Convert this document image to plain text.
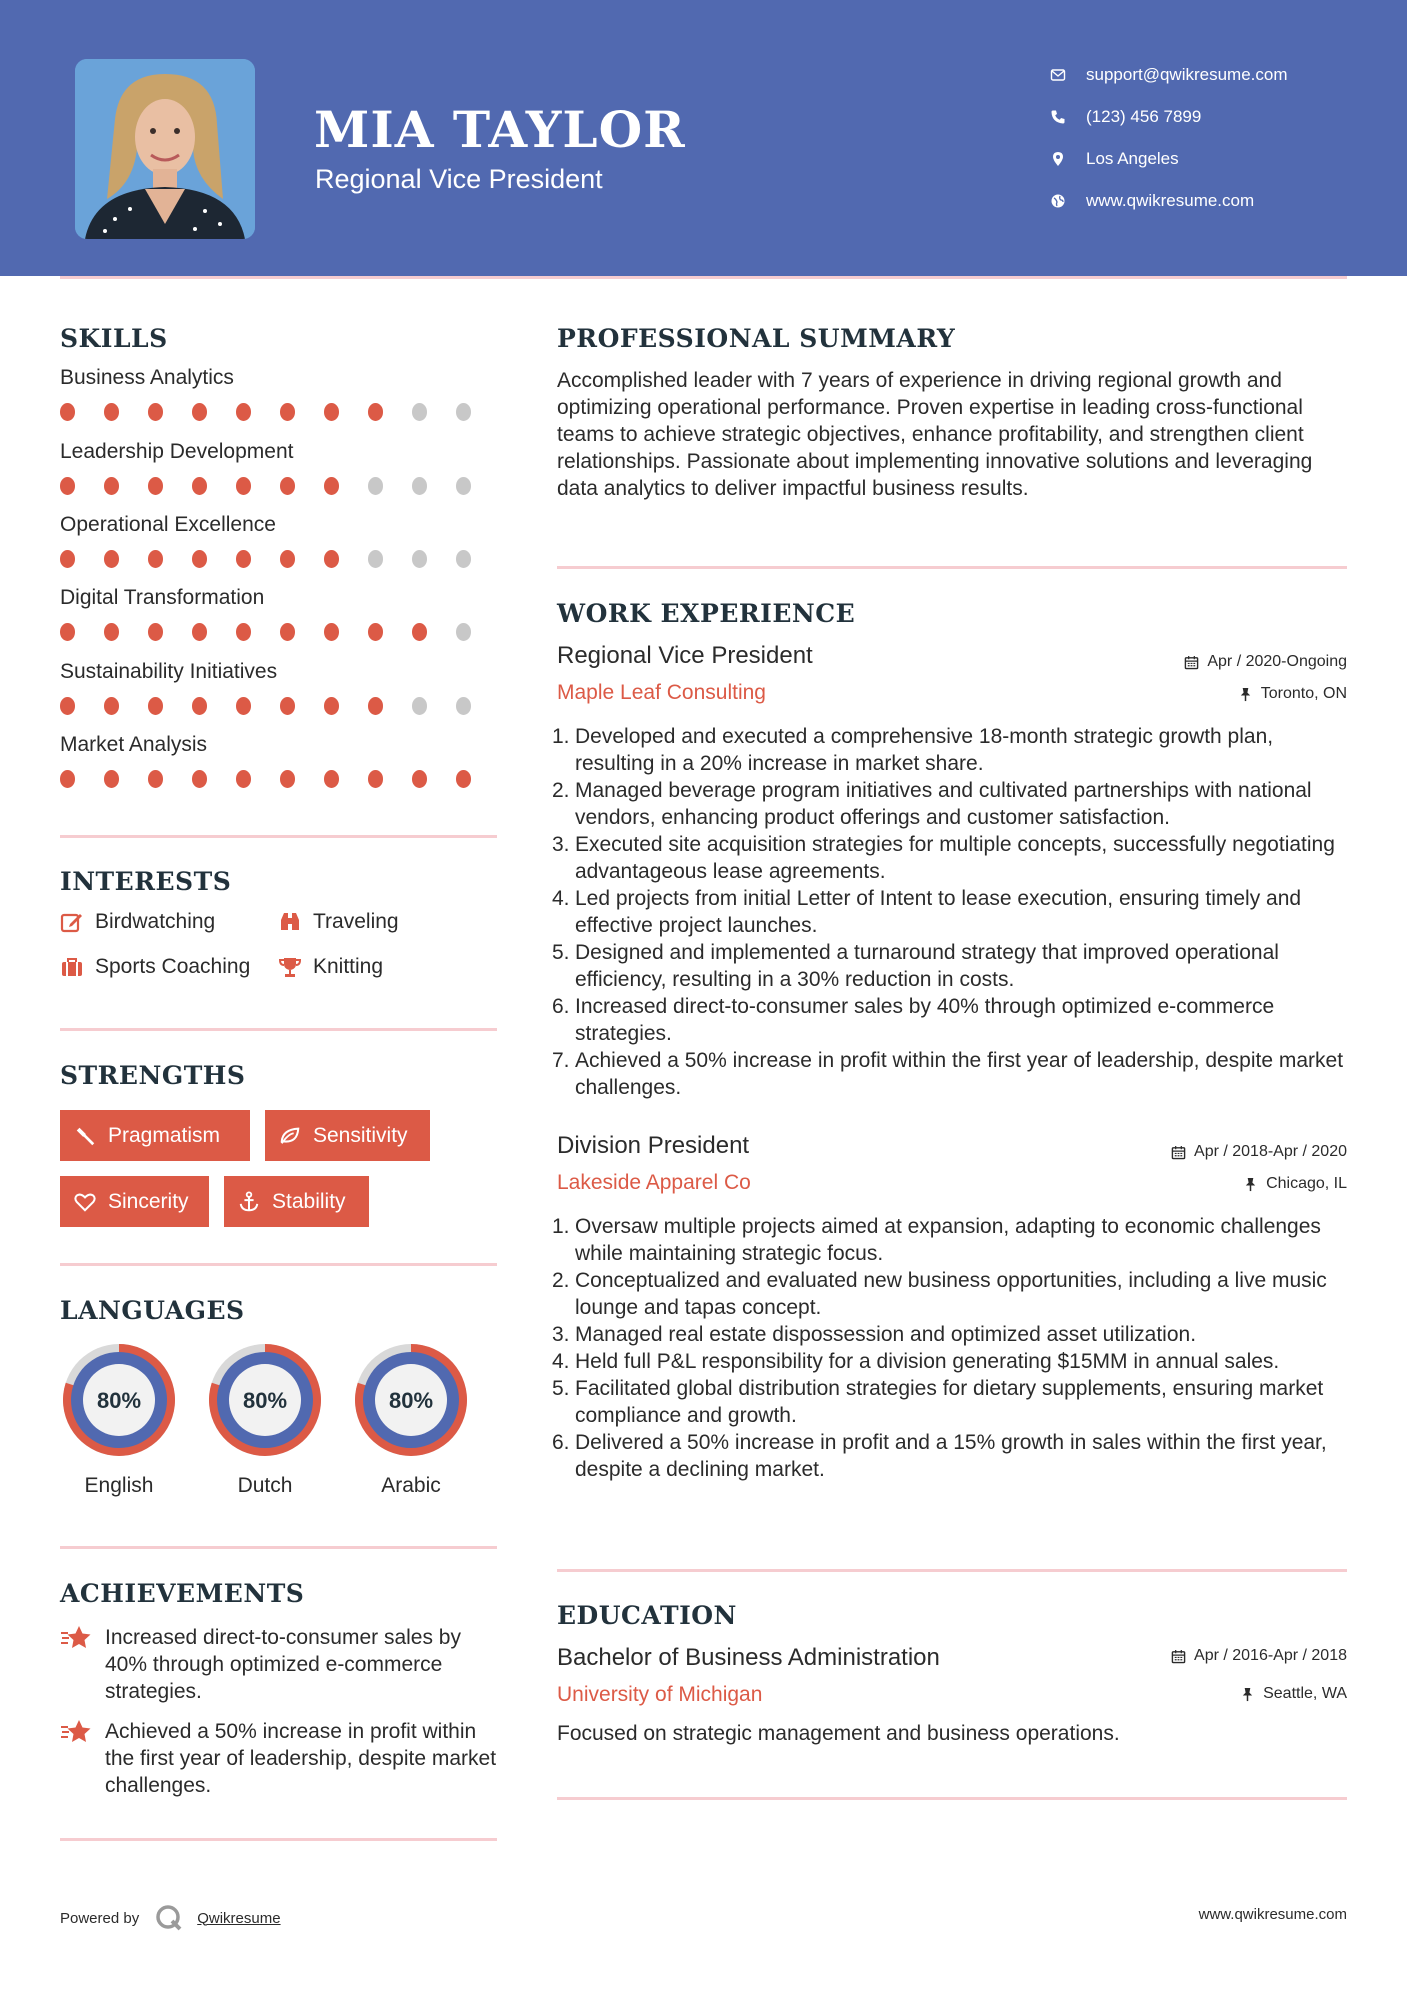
MIA TAYLOR
Regional Vice President
support@qwikresume.com
(123) 456 7899
Los Angeles
www.qwikresume.com
SKILLS
Business Analytics
Leadership Development
Operational Excellence
Digital Transformation
Sustainability Initiatives
Market Analysis
INTERESTS
Birdwatching	Traveling
Sports Coaching	Knitting
STRENGTHS
Pragmatism	Sensitivity
Sincerity	Stability
LANGUAGES
80%
English
80%
Dutch
80%
Arabic
ACHIEVEMENTS
Increased direct-to-consumer sales by 40% through optimized e-commerce strategies.
Achieved a 50% increase in profit within the first year of leadership, despite market challenges.
PROFESSIONAL SUMMARY
Accomplished leader with 7 years of experience in driving regional growth and optimizing operational performance. Proven expertise in leading cross-functional teams to achieve strategic objectives, enhance profitability, and strengthen client relationships. Passionate about implementing innovative solutions and leveraging data analytics to deliver impactful business results.
WORK EXPERIENCE
Regional Vice President	Apr / 2020-Ongoing
Maple Leaf Consulting	Toronto, ON
1. Developed and executed a comprehensive 18-month strategic growth plan, resulting in a 20% increase in market share.
2. Managed beverage program initiatives and cultivated partnerships with national vendors, enhancing product offerings and customer satisfaction.
3. Executed site acquisition strategies for multiple concepts, successfully negotiating advantageous lease agreements.
4. Led projects from initial Letter of Intent to lease execution, ensuring timely and effective project launches.
5. Designed and implemented a turnaround strategy that improved operational efficiency, resulting in a 30% reduction in costs.
6. Increased direct-to-consumer sales by 40% through optimized e-commerce strategies.
7. Achieved a 50% increase in profit within the first year of leadership, despite market challenges.
Division President	Apr / 2018-Apr / 2020
Lakeside Apparel Co	Chicago, IL
1. Oversaw multiple projects aimed at expansion, adapting to economic challenges while maintaining strategic focus.
2. Conceptualized and evaluated new business opportunities, including a live music lounge and tapas concept.
3. Managed real estate dispossession and optimized asset utilization.
4. Held full P&L responsibility for a division generating $15MM in annual sales.
5. Facilitated global distribution strategies for dietary supplements, ensuring market compliance and growth.
6. Delivered a 50% increase in profit and a 15% growth in sales within the first year, despite a declining market.
EDUCATION
Bachelor of Business Administration	Apr / 2016-Apr / 2018
University of Michigan	Seattle, WA
Focused on strategic management and business operations.
Powered by	Qwikresume	www.qwikresume.com
